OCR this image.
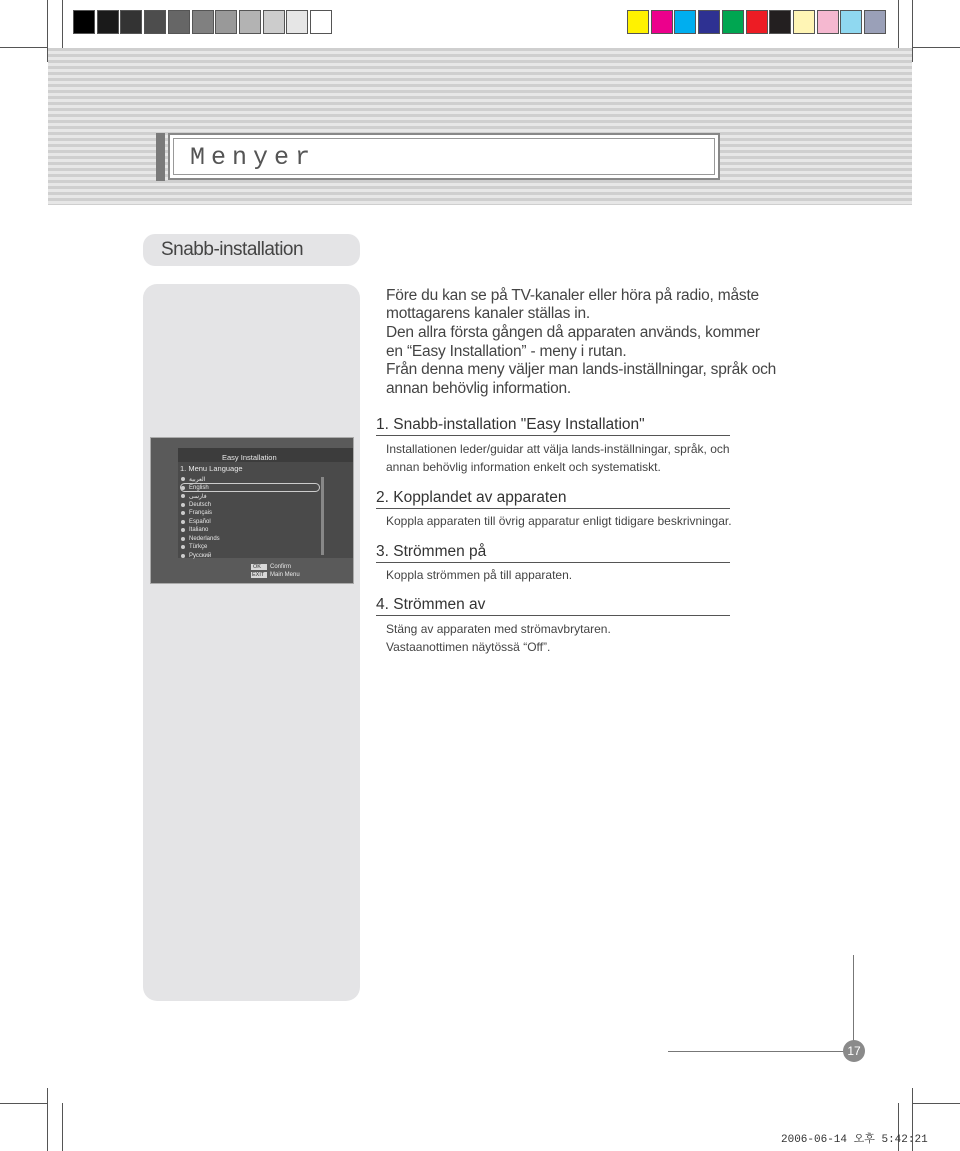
Menyer
Snabb-installation
Easy Installation
1. Menu Language
العربية
English
فارسی
Deutsch
Français
Español
Italiano
Nederlands
Türkçe
Русский
OK Confirm
EXIT Main Menu
Före du kan se på TV-kanaler eller höra på radio, måste
mottagarens kanaler ställas in.
Den allra första gången då apparaten används, kommer
en “Easy Installation” - meny i rutan.
Från denna meny väljer man lands-inställningar, språk och
annan behövlig information.
1. Snabb-installation "Easy Installation"
Installationen leder/guidar att välja lands-inställningar, språk, och
annan behövlig information enkelt och systematiskt.
2. Kopplandet av apparaten
Koppla apparaten till övrig apparatur enligt tidigare beskrivningar.
3. Strömmen på
Koppla strömmen på till apparaten.
4. Strömmen av
Stäng av apparaten med strömavbrytaren.
Vastaanottimen näytössä “Off”.
17
2006-06-14 오후 5:42:21
